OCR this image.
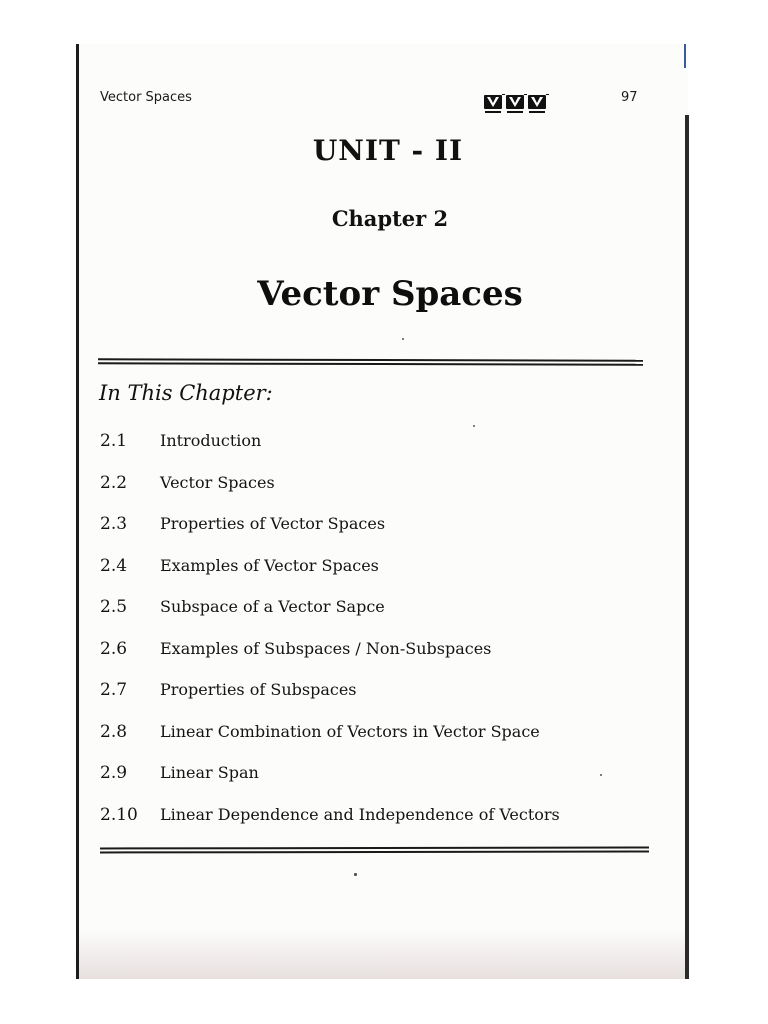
Vector Spaces	97

UNIT - II
Chapter 2
Vector Spaces

In This Chapter:

2.1	Introduction
2.2	Vector Spaces
2.3	Properties of Vector Spaces
2.4	Examples of Vector Spaces
2.5	Subspace of a Vector Sapce
2.6	Examples of Subspaces / Non-Subspaces
2.7	Properties of Subspaces
2.8	Linear Combination of Vectors in Vector Space
2.9	Linear Span
2.10	Linear Dependence and Independence of Vectors
